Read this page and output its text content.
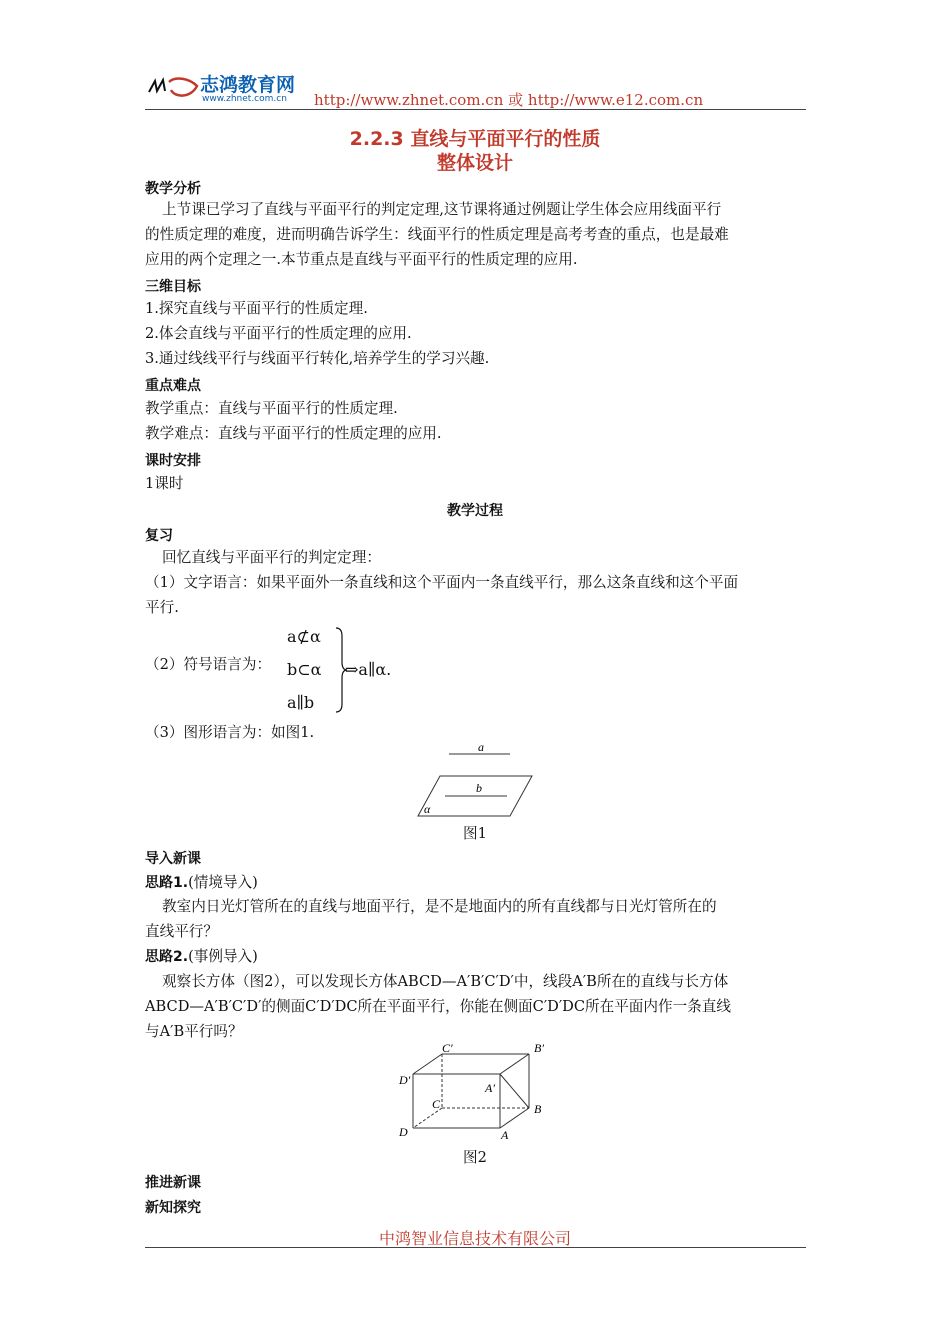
志鸿教育网
www.zhnet.com.cn http://www.zhnet.com.cn 或 http://www.e12.com.cn
2.2.3 直线与平面平行的性质
整体设计
教学分析
上节课已学习了直线与平面平行的判定定理,这节课将通过例题让学生体会应用线面平行
的性质定理的难度，进而明确告诉学生：线面平行的性质定理是高考考查的重点，也是最难
应用的两个定理之一.本节重点是直线与平面平行的性质定理的应用.
三维目标
1.探究直线与平面平行的性质定理.
2.体会直线与平面平行的性质定理的应用.
3.通过线线平行与线面平行转化,培养学生的学习兴趣.
重点难点
教学重点：直线与平面平行的性质定理.
教学难点：直线与平面平行的性质定理的应用.
课时安排
1课时
教学过程
复习
回忆直线与平面平行的判定定理：
（1）文字语言：如果平面外一条直线和这个平面内一条直线平行，那么这条直线和这个平面
平行.
（2）符号语言为：
a⊄α
b⊂α
a∥b
⇒a∥α.
（3）图形语言为：如图1.
a
b
α
图1
导入新课
思路1.(情境导入)
教室内日光灯管所在的直线与地面平行，是不是地面内的所有直线都与日光灯管所在的
直线平行？
思路2.(事例导入)
观察长方体（图2），可以发现长方体ABCD—A′B′C′D′中，线段A′B所在的直线与长方体
ABCD—A′B′C′D′的侧面C′D′DC所在平面平行，你能在侧面C′D′DC所在平面内作一条直线
与A′B平行吗？
C′	B′
D′
A′
C	B
D	A
图2
推进新课
新知探究
中鸿智业信息技术有限公司
